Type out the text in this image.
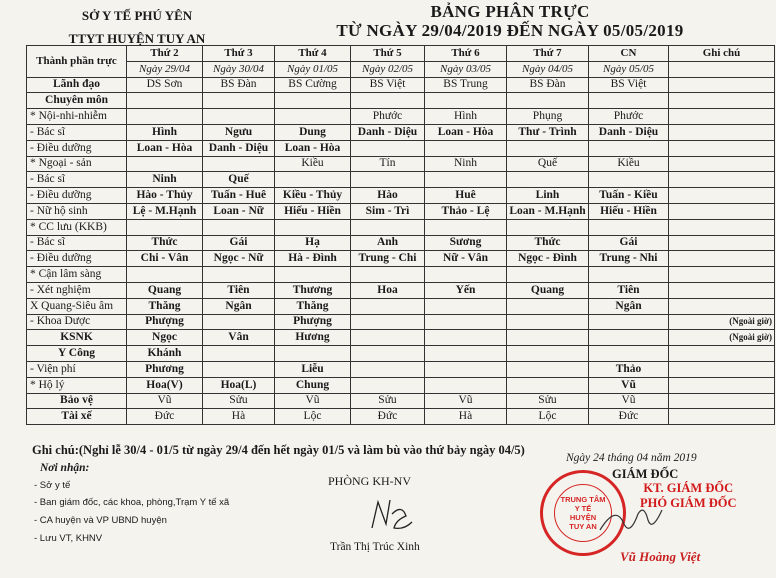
SỞ Y TẾ PHÚ YÊN
TTYT HUYỆN TUY AN
BẢNG PHÂN TRỰC
TỪ NGÀY 29/04/2019 ĐẾN NGÀY 05/05/2019
Thành phần trực	Thứ 2	Thứ 3	Thứ 4	Thứ 5	Thứ 6	Thứ 7	CN	Ghi chú
	Ngày 29/04	Ngày 30/04	Ngày 01/05	Ngày 02/05	Ngày 03/05	Ngày 04/05	Ngày 05/05	
Lãnh đạo	DS Sơn	BS Đàn	BS Cường	BS Việt	BS Trung	BS Đàn	BS Việt	
Chuyên môn								
* Nội-nhi-nhiễm				Phước	Hình	Phụng	Phước	
- Bác sĩ	Hình	Ngưu	Dung	Danh - Diệu	Loan - Hòa	Thư - Trình	Danh - Diệu	
- Điều dưỡng	Loan - Hòa	Danh - Diệu	Loan - Hòa					
* Ngoại - sản			Kiều	Tín	Ninh	Quế	Kiều	
- Bác sĩ	Ninh	Quế						
- Điều dưỡng	Hào - Thủy	Tuấn - Huê	Kiều - Thủy	Hào	Huê	Linh	Tuấn - Kiều	
- Nữ hộ sinh	Lệ - M.Hạnh	Loan - Nữ	Hiếu - Hiền	Sim - Trì	Thảo - Lệ	Loan - M.Hạnh	Hiếu - Hiền	
* CC lưu (KKB)								
- Bác sĩ	Thức	Gái	Hạ	Anh	Sương	Thức	Gái	
- Điều dưỡng	Chi - Vân	Ngọc - Nữ	Hà - Đình	Trung - Chi	Nữ - Vân	Ngọc - Đình	Trung - Nhi	
* Cận lâm sàng								
- Xét nghiệm	Quang	Tiên	Thương	Hoa	Yến	Quang	Tiên	
X Quang-Siêu âm	Thăng	Ngân	Thăng				Ngân	
- Khoa Dược	Phượng		Phượng					(Ngoài giờ)
KSNK	Ngọc	Vân	Hương					(Ngoài giờ)
Y Công	Khánh							
- Viện phí	Phương		Liễu				Thảo	
* Hộ lý	Hoa(V)	Hoa(L)	Chung				Vũ	
Bảo vệ	Vũ	Sửu	Vũ	Sửu	Vũ	Sửu	Vũ	
Tài xế	Đức	Hà	Lộc	Đức	Hà	Lộc	Đức	
Ghi chú:(Nghỉ lễ 30/4 - 01/5 từ ngày 29/4 đến hết ngày 01/5 và làm bù vào thứ bảy ngày 04/5)
Nơi nhận:
- Sở y tế
- Ban giám đốc, các khoa, phòng,Trạm Y tế xã
- CA huyện và VP UBND huyện
- Lưu VT, KHNV
PHÒNG KH-NV
Trần Thị Trúc Xinh
Ngày 24 tháng 04 năm 2019
GIÁM ĐỐC
KT. GIÁM ĐỐC
PHÓ GIÁM ĐỐC
TRUNG TÂM
Y TẾ
HUYỆN
TUY AN
Vũ Hoàng Việt
